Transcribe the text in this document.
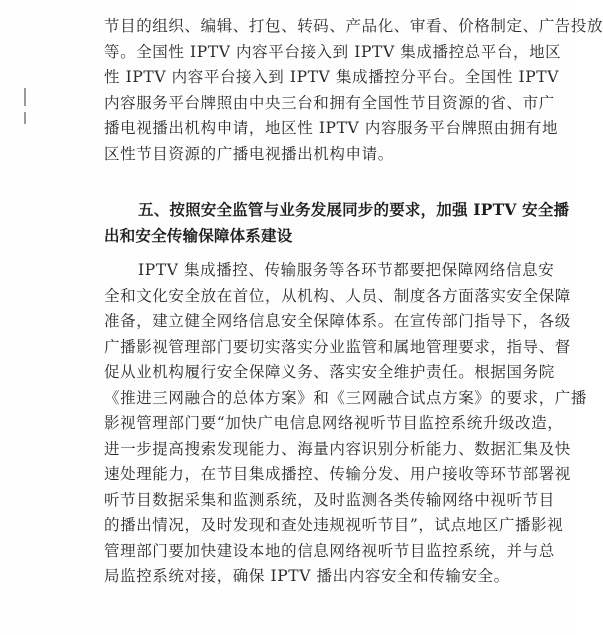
节目的组织、编辑、打包、转码、产品化、审看、价格制定、广告投放
等。全国性 IPTV 内容平台接入到 IPTV 集成播控总平台，地区
性 IPTV 内容平台接入到 IPTV 集成播控分平台。全国性 IPTV
内容服务平台牌照由中央三台和拥有全国性节目资源的省、市广
播电视播出机构申请，地区性 IPTV 内容服务平台牌照由拥有地
区性节目资源的广播电视播出机构申请。
五、按照安全监管与业务发展同步的要求，加强 IPTV 安全播
出和安全传输保障体系建设
IPTV 集成播控、传输服务等各环节都要把保障网络信息安
全和文化安全放在首位，从机构、人员、制度各方面落实安全保障
准备，建立健全网络信息安全保障体系。在宣传部门指导下，各级
广播影视管理部门要切实落实分业监管和属地管理要求，指导、督
促从业机构履行安全保障义务、落实安全维护责任。根据国务院
《推进三网融合的总体方案》和《三网融合试点方案》的要求，广播
影视管理部门要“加快广电信息网络视听节目监控系统升级改造，
进一步提高搜索发现能力、海量内容识别分析能力、数据汇集及快
速处理能力，在节目集成播控、传输分发、用户接收等环节部署视
听节目数据采集和监测系统，及时监测各类传输网络中视听节目
的播出情况，及时发现和查处违规视听节目”，试点地区广播影视
管理部门要加快建设本地的信息网络视听节目监控系统，并与总
局监控系统对接，确保 IPTV 播出内容安全和传输安全。
